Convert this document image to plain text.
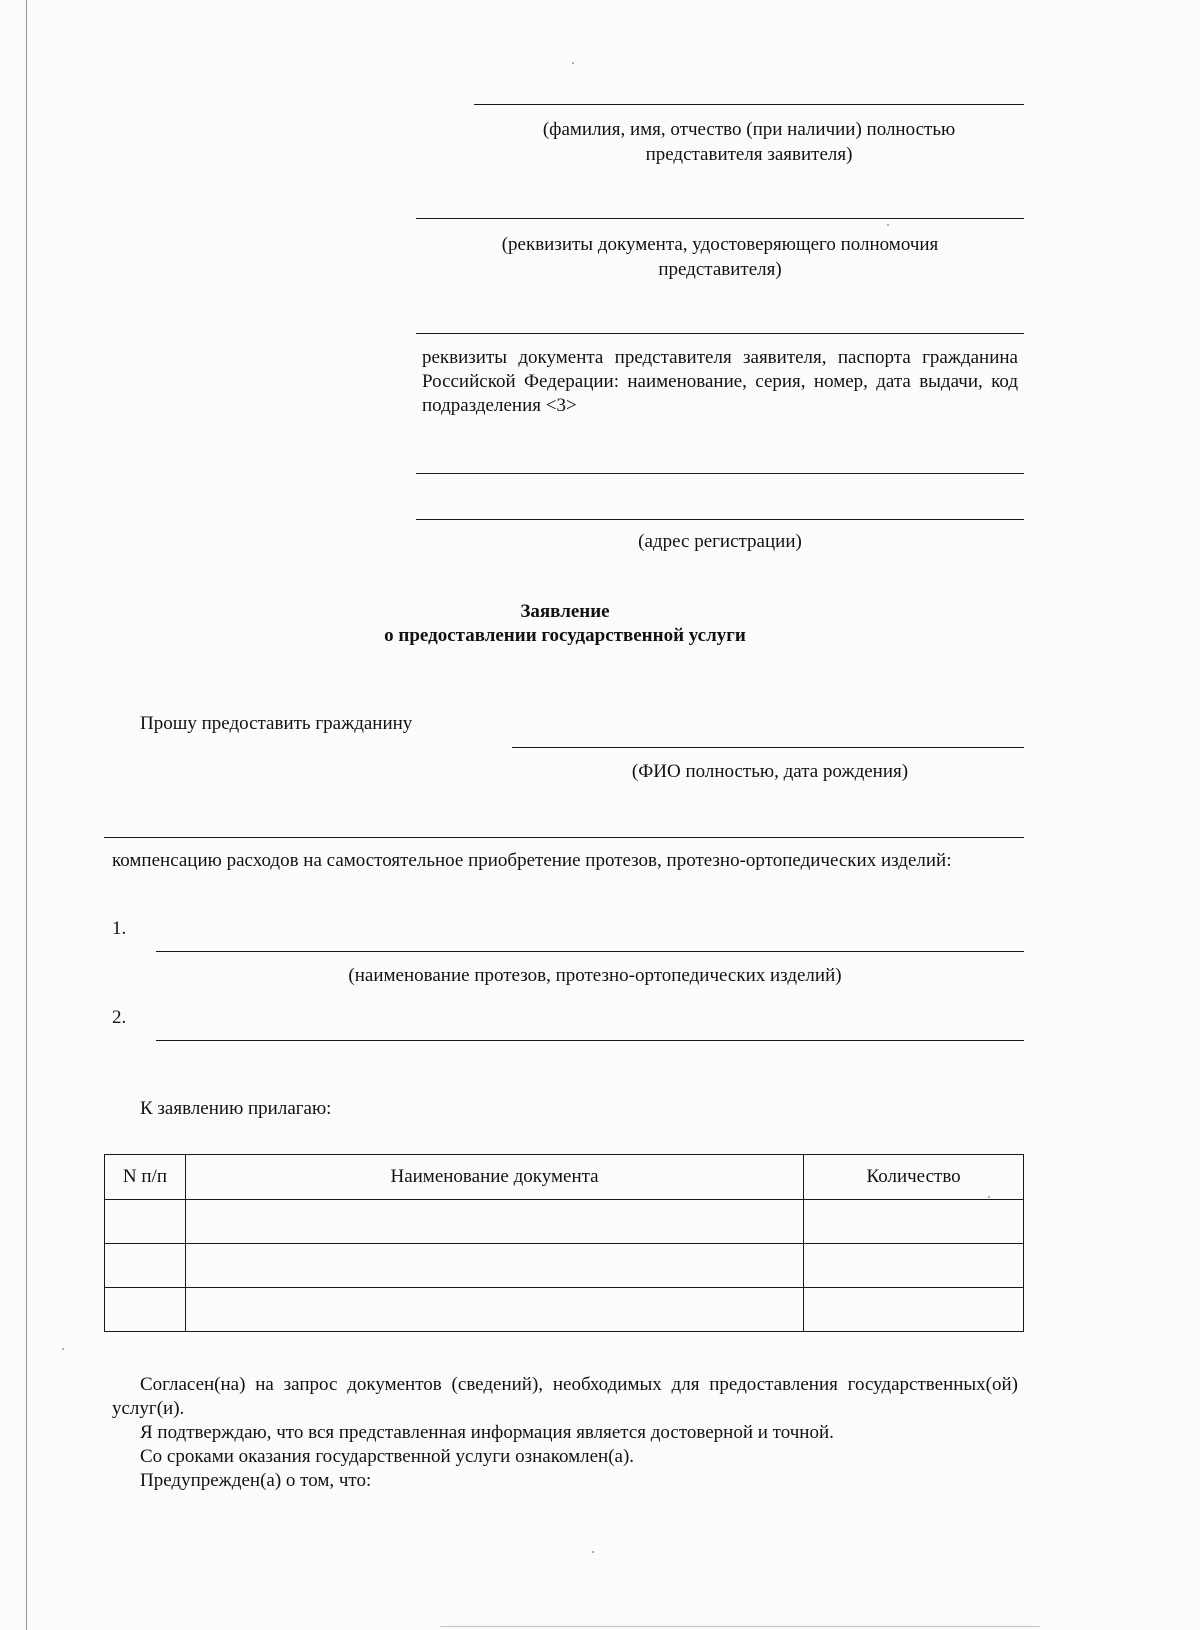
(фамилия, имя, отчество (при наличии) полностью
представителя заявителя)
(реквизиты документа, удостоверяющего полномочия
представителя)
реквизиты документа представителя заявителя, паспорта гражданина Российской Федерации: наименование, серия, номер, дата выдачи, код подразделения <3>
(адрес регистрации)
Заявление
о предоставлении государственной услуги
Прошу предоставить гражданину
(ФИО полностью, дата рождения)
компенсацию расходов на самостоятельное приобретение протезов, протезно-ортопедических изделий:
1.
(наименование протезов, протезно-ортопедических изделий)
2.
К заявлению прилагаю:
N п/п	Наименование документа	Количество

Согласен(на) на запрос документов (сведений), необходимых для предоставления государственных(ой) услуг(и).
Я подтверждаю, что вся представленная информация является достоверной и точной.
Со сроками оказания государственной услуги ознакомлен(а).
Предупрежден(а) о том, что:
